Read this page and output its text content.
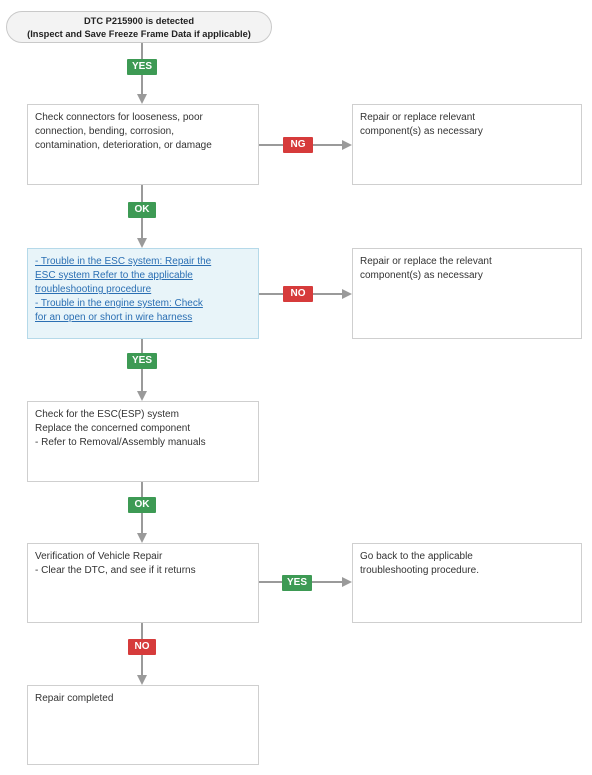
DTC P215900 is detected
(Inspect and Save Freeze Frame Data if applicable)
Check connectors for looseness, poor
connection, bending, corrosion,
contamination, deterioration, or damage
Repair or replace relevant
component(s) as necessary
- Trouble in the ESC system: Repair the
ESC system Refer to the applicable
troubleshooting procedure
- Trouble in the engine system: Check
for an open or short in wire harness
Repair or replace the relevant
component(s) as necessary
Check for the ESC(ESP) system
Replace the concerned component
- Refer to Removal/Assembly manuals
Verification of Vehicle Repair
- Clear the DTC, and see if it returns
Go back to the applicable
troubleshooting procedure.
Repair completed
YES
NG
OK
NO
YES
OK
YES
NO
